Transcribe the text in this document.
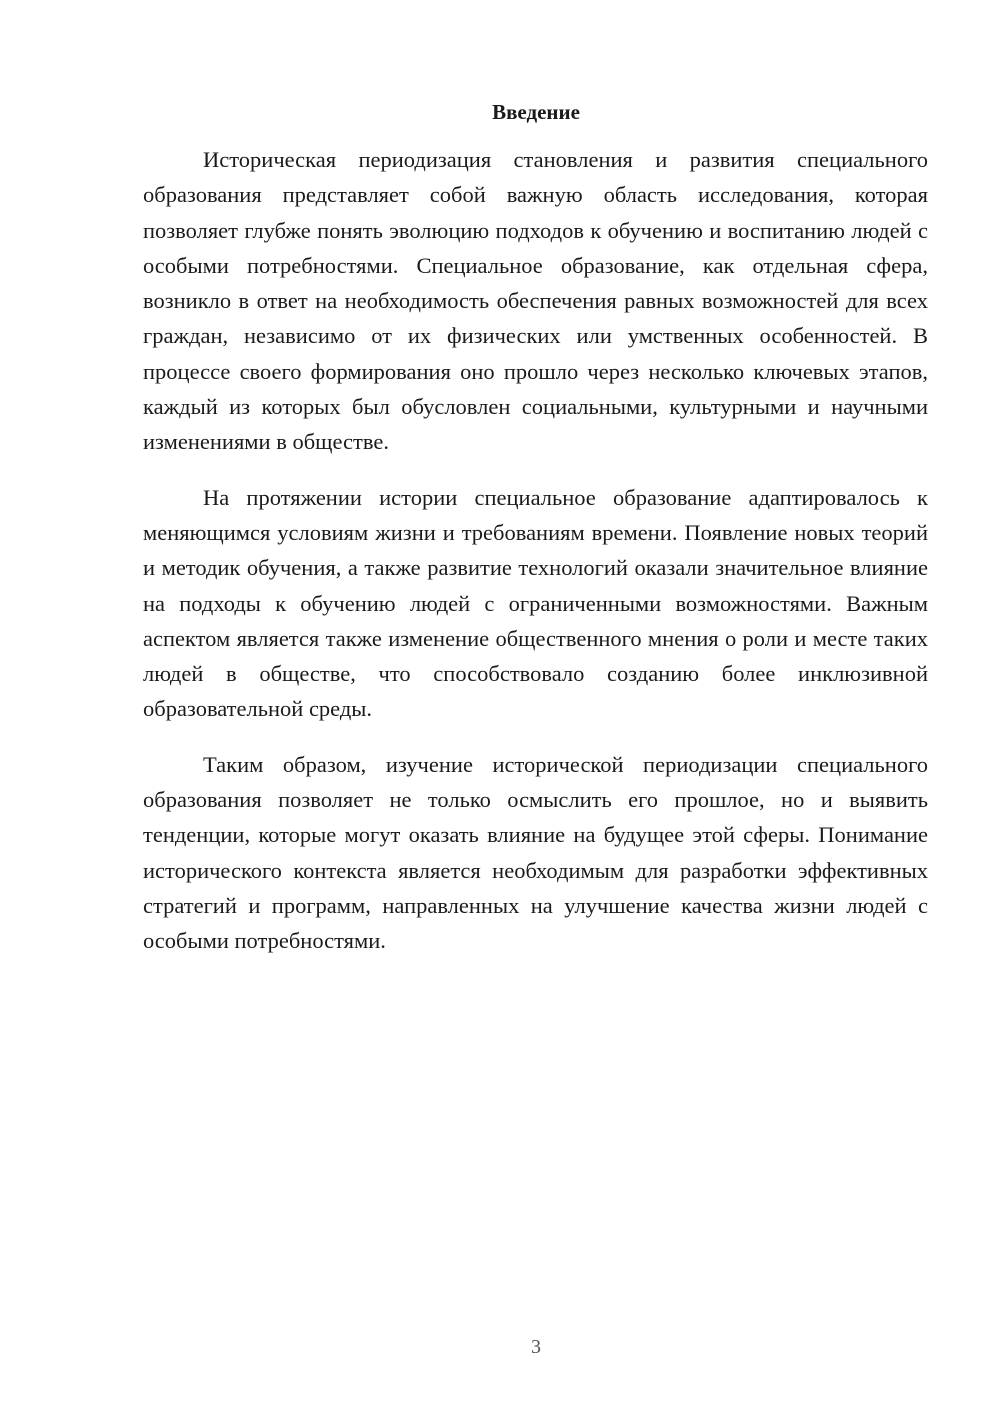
Введение

Историческая периодизация становления и развития специального образования представляет собой важную область исследования, которая позволяет глубже понять эволюцию подходов к обучению и воспитанию людей с особыми потребностями. Специальное образование, как отдельная сфера, возникло в ответ на необходимость обеспечения равных возможностей для всех граждан, независимо от их физических или умственных особенностей. В процессе своего формирования оно прошло через несколько ключевых этапов, каждый из которых был обусловлен социальными, культурными и научными изменениями в обществе.

На протяжении истории специальное образование адаптировалось к меняющимся условиям жизни и требованиям времени. Появление новых теорий и методик обучения, а также развитие технологий оказали значительное влияние на подходы к обучению людей с ограниченными возможностями. Важным аспектом является также изменение общественного мнения о роли и месте таких людей в обществе, что способствовало созданию более инклюзивной образовательной среды.

Таким образом, изучение исторической периодизации специального образования позволяет не только осмыслить его прошлое, но и выявить тенденции, которые могут оказать влияние на будущее этой сферы. Понимание исторического контекста является необходимым для разработки эффективных стратегий и программ, направленных на улучшение качества жизни людей с особыми потребностями.

3
